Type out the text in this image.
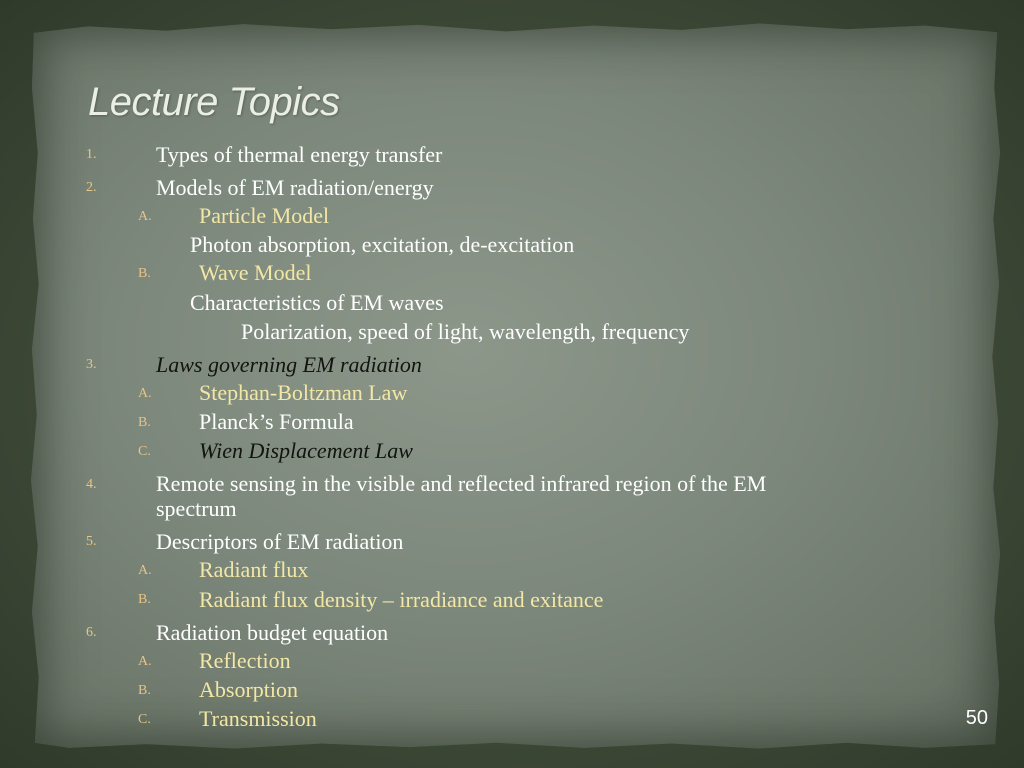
Lecture Topics
1.	Types of thermal energy transfer
2.	Models of EM radiation/energy
A. Particle Model
Photon absorption, excitation, de-excitation
B. Wave Model
Characteristics of EM waves
Polarization, speed of light, wavelength, frequency
3.	Laws governing EM radiation
A. Stephan-Boltzman Law
B. Planck’s Formula
C. Wien Displacement Law
4.	Remote sensing in the visible and reflected infrared region of the EM
spectrum
5.	Descriptors of EM radiation
A. Radiant flux
B. Radiant flux density – irradiance and exitance
6.	Radiation budget equation
A. Reflection
B. Absorption
C. Transmission	50
